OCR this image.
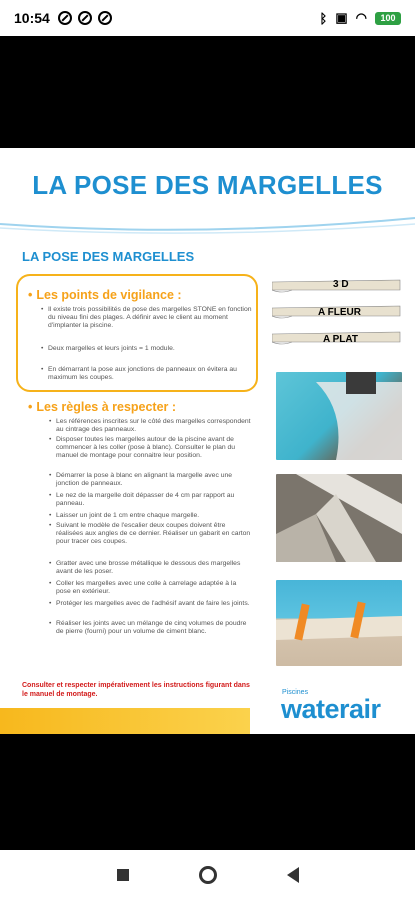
10:54	ᛒ ▣ ◠ 100
LA POSE DES MARGELLES
LA POSE DES MARGELLES
• Les points de vigilance :
• Il existe trois possibilités de pose des margelles STONE en fonction du niveau fini des plages. A définir avec le client au moment d'implanter la piscine.
• Deux margelles et leurs joints = 1 module.
• En démarrant la pose aux jonctions de panneaux on évitera au maximum les coupes.
• Les règles à respecter :
• Les références inscrites sur le côté des margelles correspondent au cintrage des panneaux.
• Disposer toutes les margelles autour de la piscine avant de commencer à les coller (pose à blanc). Consulter le plan du manuel de montage pour connaitre leur position.
• Démarrer la pose à blanc en alignant la margelle avec une jonction de panneaux.
• Le nez de la margelle doit dépasser de 4 cm par rapport au panneau.
• Laisser un joint de 1 cm entre chaque margelle.
• Suivant le modèle de l'escalier deux coupes doivent être réalisées aux angles de ce dernier. Réaliser un gabarit en carton pour tracer ces coupes.
• Gratter avec une brosse métallique le dessous des margelles avant de les poser.
• Coller les margelles avec une colle à carrelage adaptée à la pose en extérieur.
• Protéger les margelles avec de l'adhésif avant de faire les joints.
• Réaliser les joints avec un mélange de cinq volumes de poudre de pierre (fourni) pour un volume de ciment blanc.
Consulter et respecter impérativement les instructions figurant dans le manuel de montage.
3 D
A FLEUR
A PLAT
Piscines
waterair
